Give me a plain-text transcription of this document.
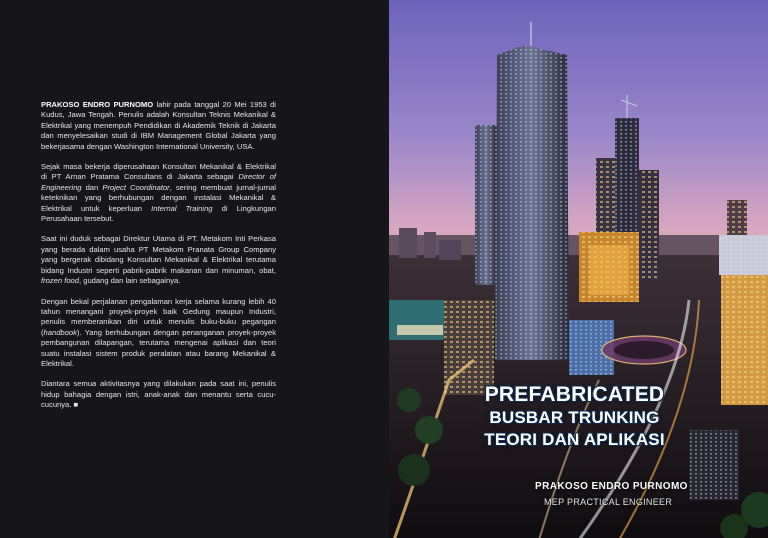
PRAKOSO ENDRO PURNOMO lahir pada tanggal 20 Mei 1953 di Kudus, Jawa Tengah. Penulis adalah Konsultan Teknis Mekanikal & Elektrikal yang menempuh Pendidikan di Akademik Teknik di Jakarta dan menyelesaikan studi di IBM Management Global Jakarta yang bekerjasama dengan Washington International University, USA.

Sejak masa bekerja diperusahaan Konsultan Mekanikal & Elektrikal di PT Arnan Pratama Consultans di Jakarta sebagai Director of Engineering dan Project Coordinator, sering membuat jurnal-jurnal keteknikan yang berhubungan dengan instalasi Mekanikal & Elektrikal untuk keperluan Internal Training di Lingkungan Perusahaan tersebut.

Saat ini duduk sebagai Direktur Utama di PT. Metakom Inti Perkasa yang berada dalam usaha PT Metakom Pranata Group Company yang bergerak dibidang Konsultan Mekanikal & Elektrikal terutama bidang Industri seperti pabrik-pabrik makanan dan minuman, obat, frozen food, gudang dan lain sebagainya.

Dengan bekal perjalanan pengalaman kerja selama kurang lebih 40 tahun menangani proyek-proyek baik Gedung maupun Industri, penulis memberanikan diri untuk menulis buku-buku pegangan (handbook). Yang berhubungan dengan penanganan proyek-proyek pembangunan dilapangan, terutama mengenai aplikasi dan teori suatu instalasi sistem produk peralatan atau barang Mekanikal & Elektrikal.

Diantara semua aktivitasnya yang dilakukan pada saat ini, penulis hidup bahagia dengan istri, anak-anak dan menantu serta cucu-cucunya. ■	PREFABRICATED
BUSBAR TRUNKING
TEORI DAN APLIKASI
PRAKOSO ENDRO PURNOMO
MEP PRACTICAL ENGINEER
